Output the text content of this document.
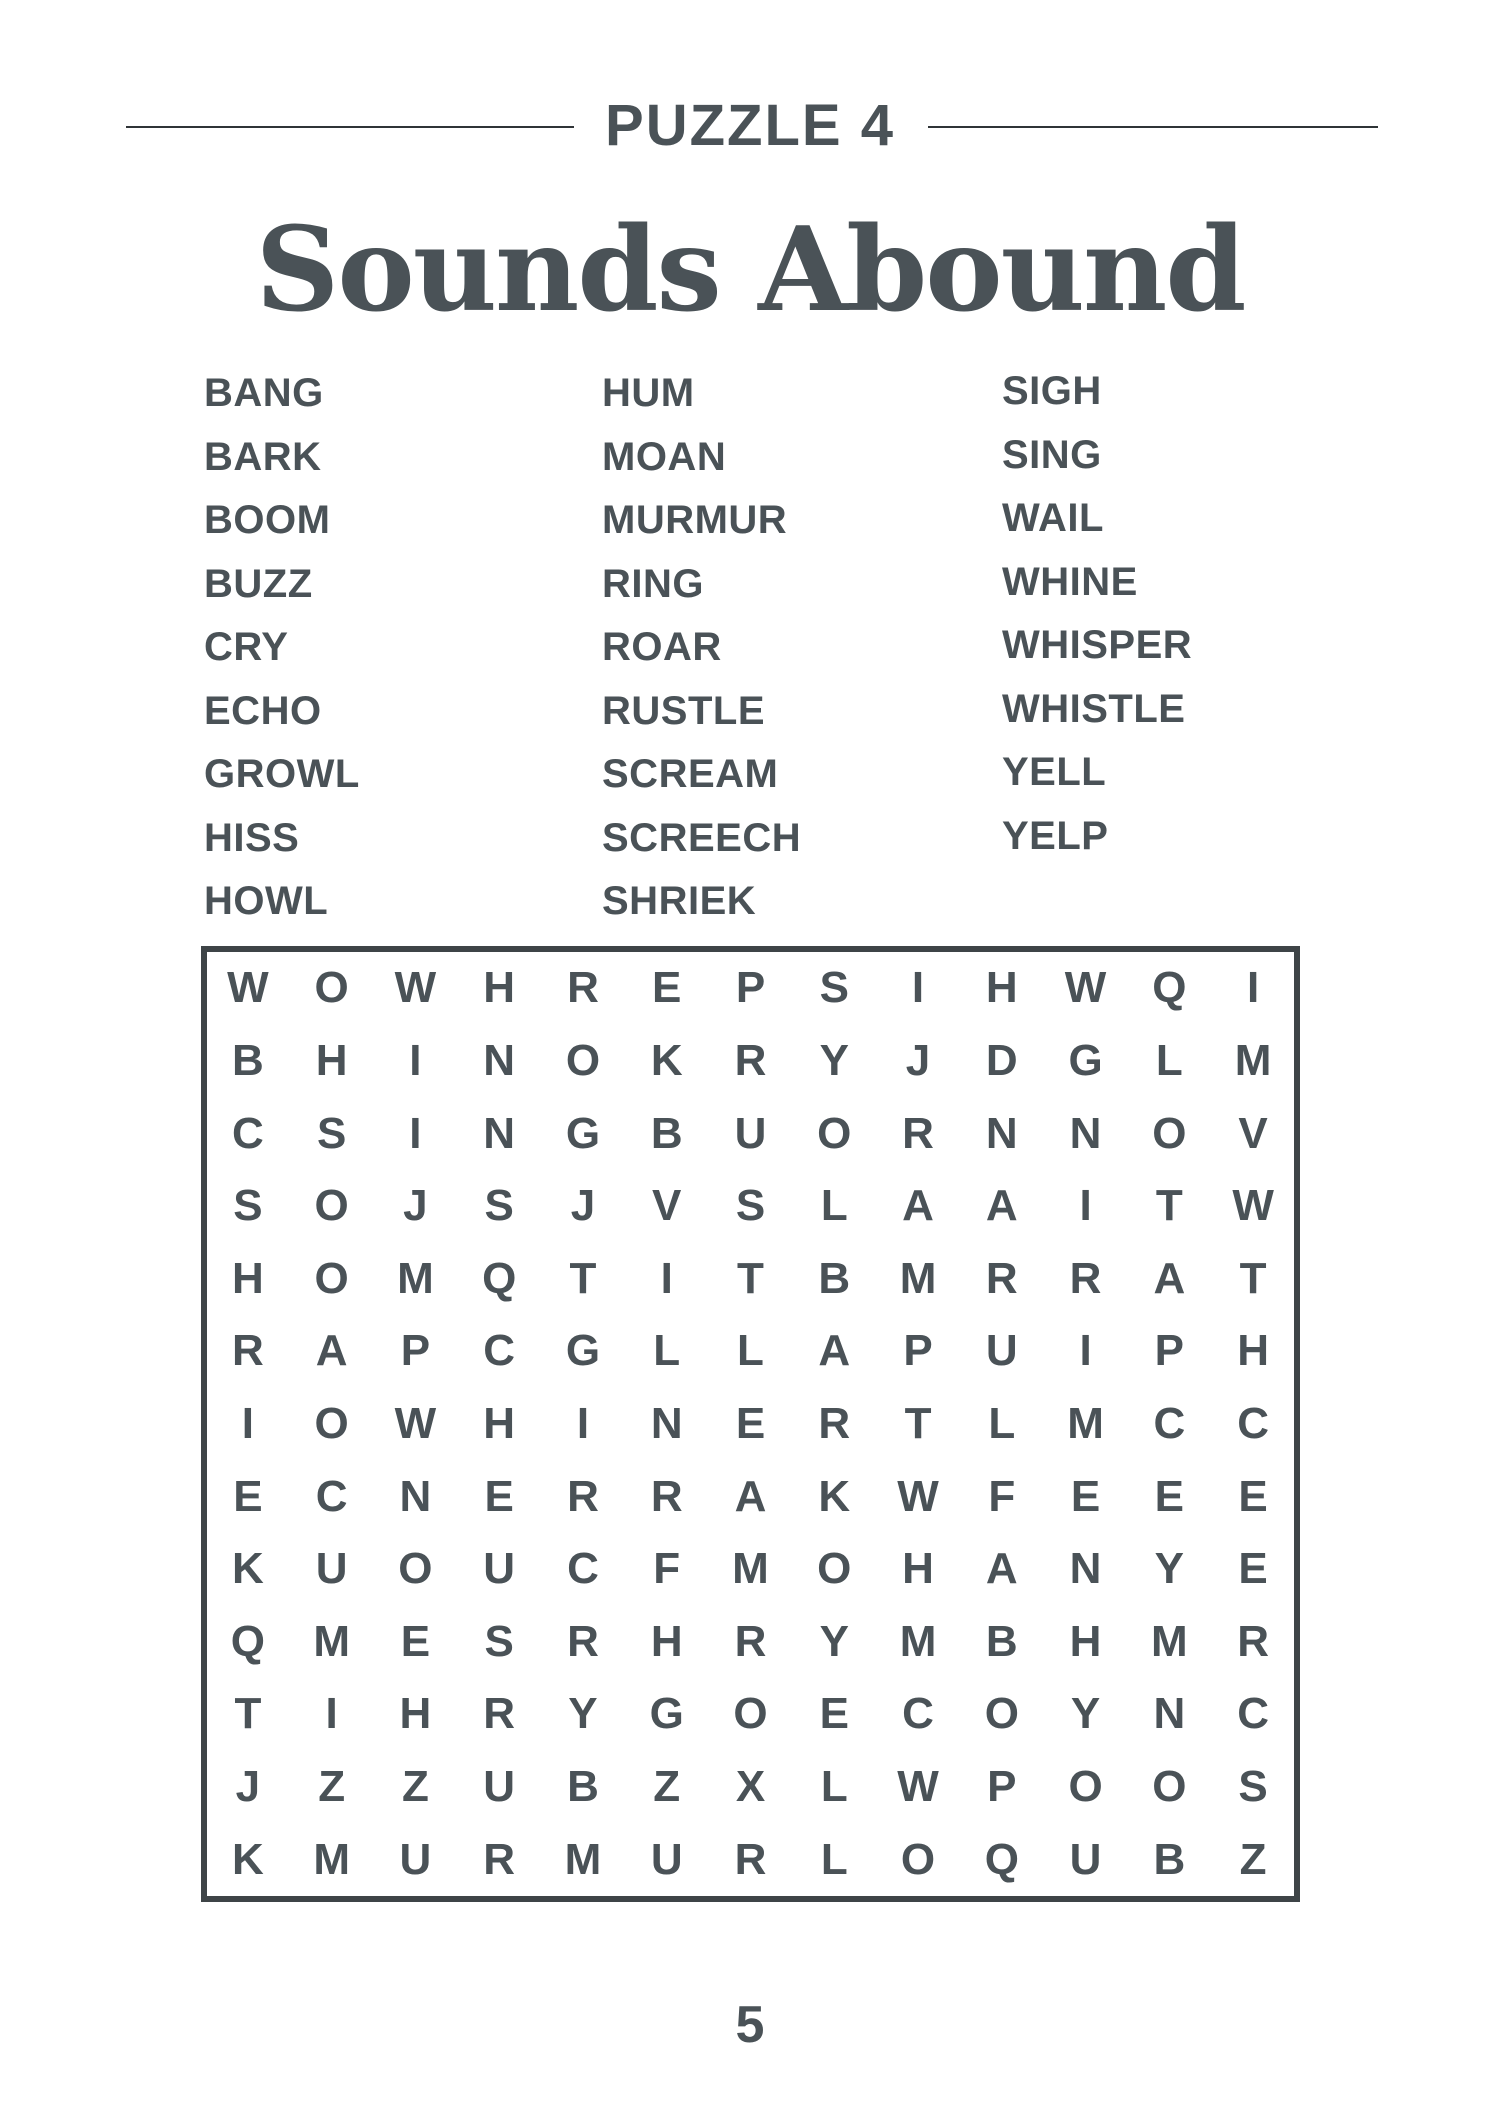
PUZZLE 4
Sounds Abound
BANG
BARK
BOOM
BUZZ
CRY
ECHO
GROWL
HISS
HOWL
HUM
MOAN
MURMUR
RING
ROAR
RUSTLE
SCREAM
SCREECH
SHRIEK
SIGH
SING
WAIL
WHINE
WHISPER
WHISTLE
YELL
YELP
W	O	W	H	R	E	P	S	I	H	W	Q	I
B	H	I	N	O	K	R	Y	J	D	G	L	M
C	S	I	N	G	B	U	O	R	N	N	O	V
S	O	J	S	J	V	S	L	A	A	I	T	W
H	O	M	Q	T	I	T	B	M	R	R	A	T
R	A	P	C	G	L	L	A	P	U	I	P	H
I	O	W	H	I	N	E	R	T	L	M	C	C
E	C	N	E	R	R	A	K	W	F	E	E	E
K	U	O	U	C	F	M	O	H	A	N	Y	E
Q	M	E	S	R	H	R	Y	M	B	H	M	R
T	I	H	R	Y	G	O	E	C	O	Y	N	C
J	Z	Z	U	B	Z	X	L	W	P	O	O	S
K	M	U	R	M	U	R	L	O	Q	U	B	Z
5
